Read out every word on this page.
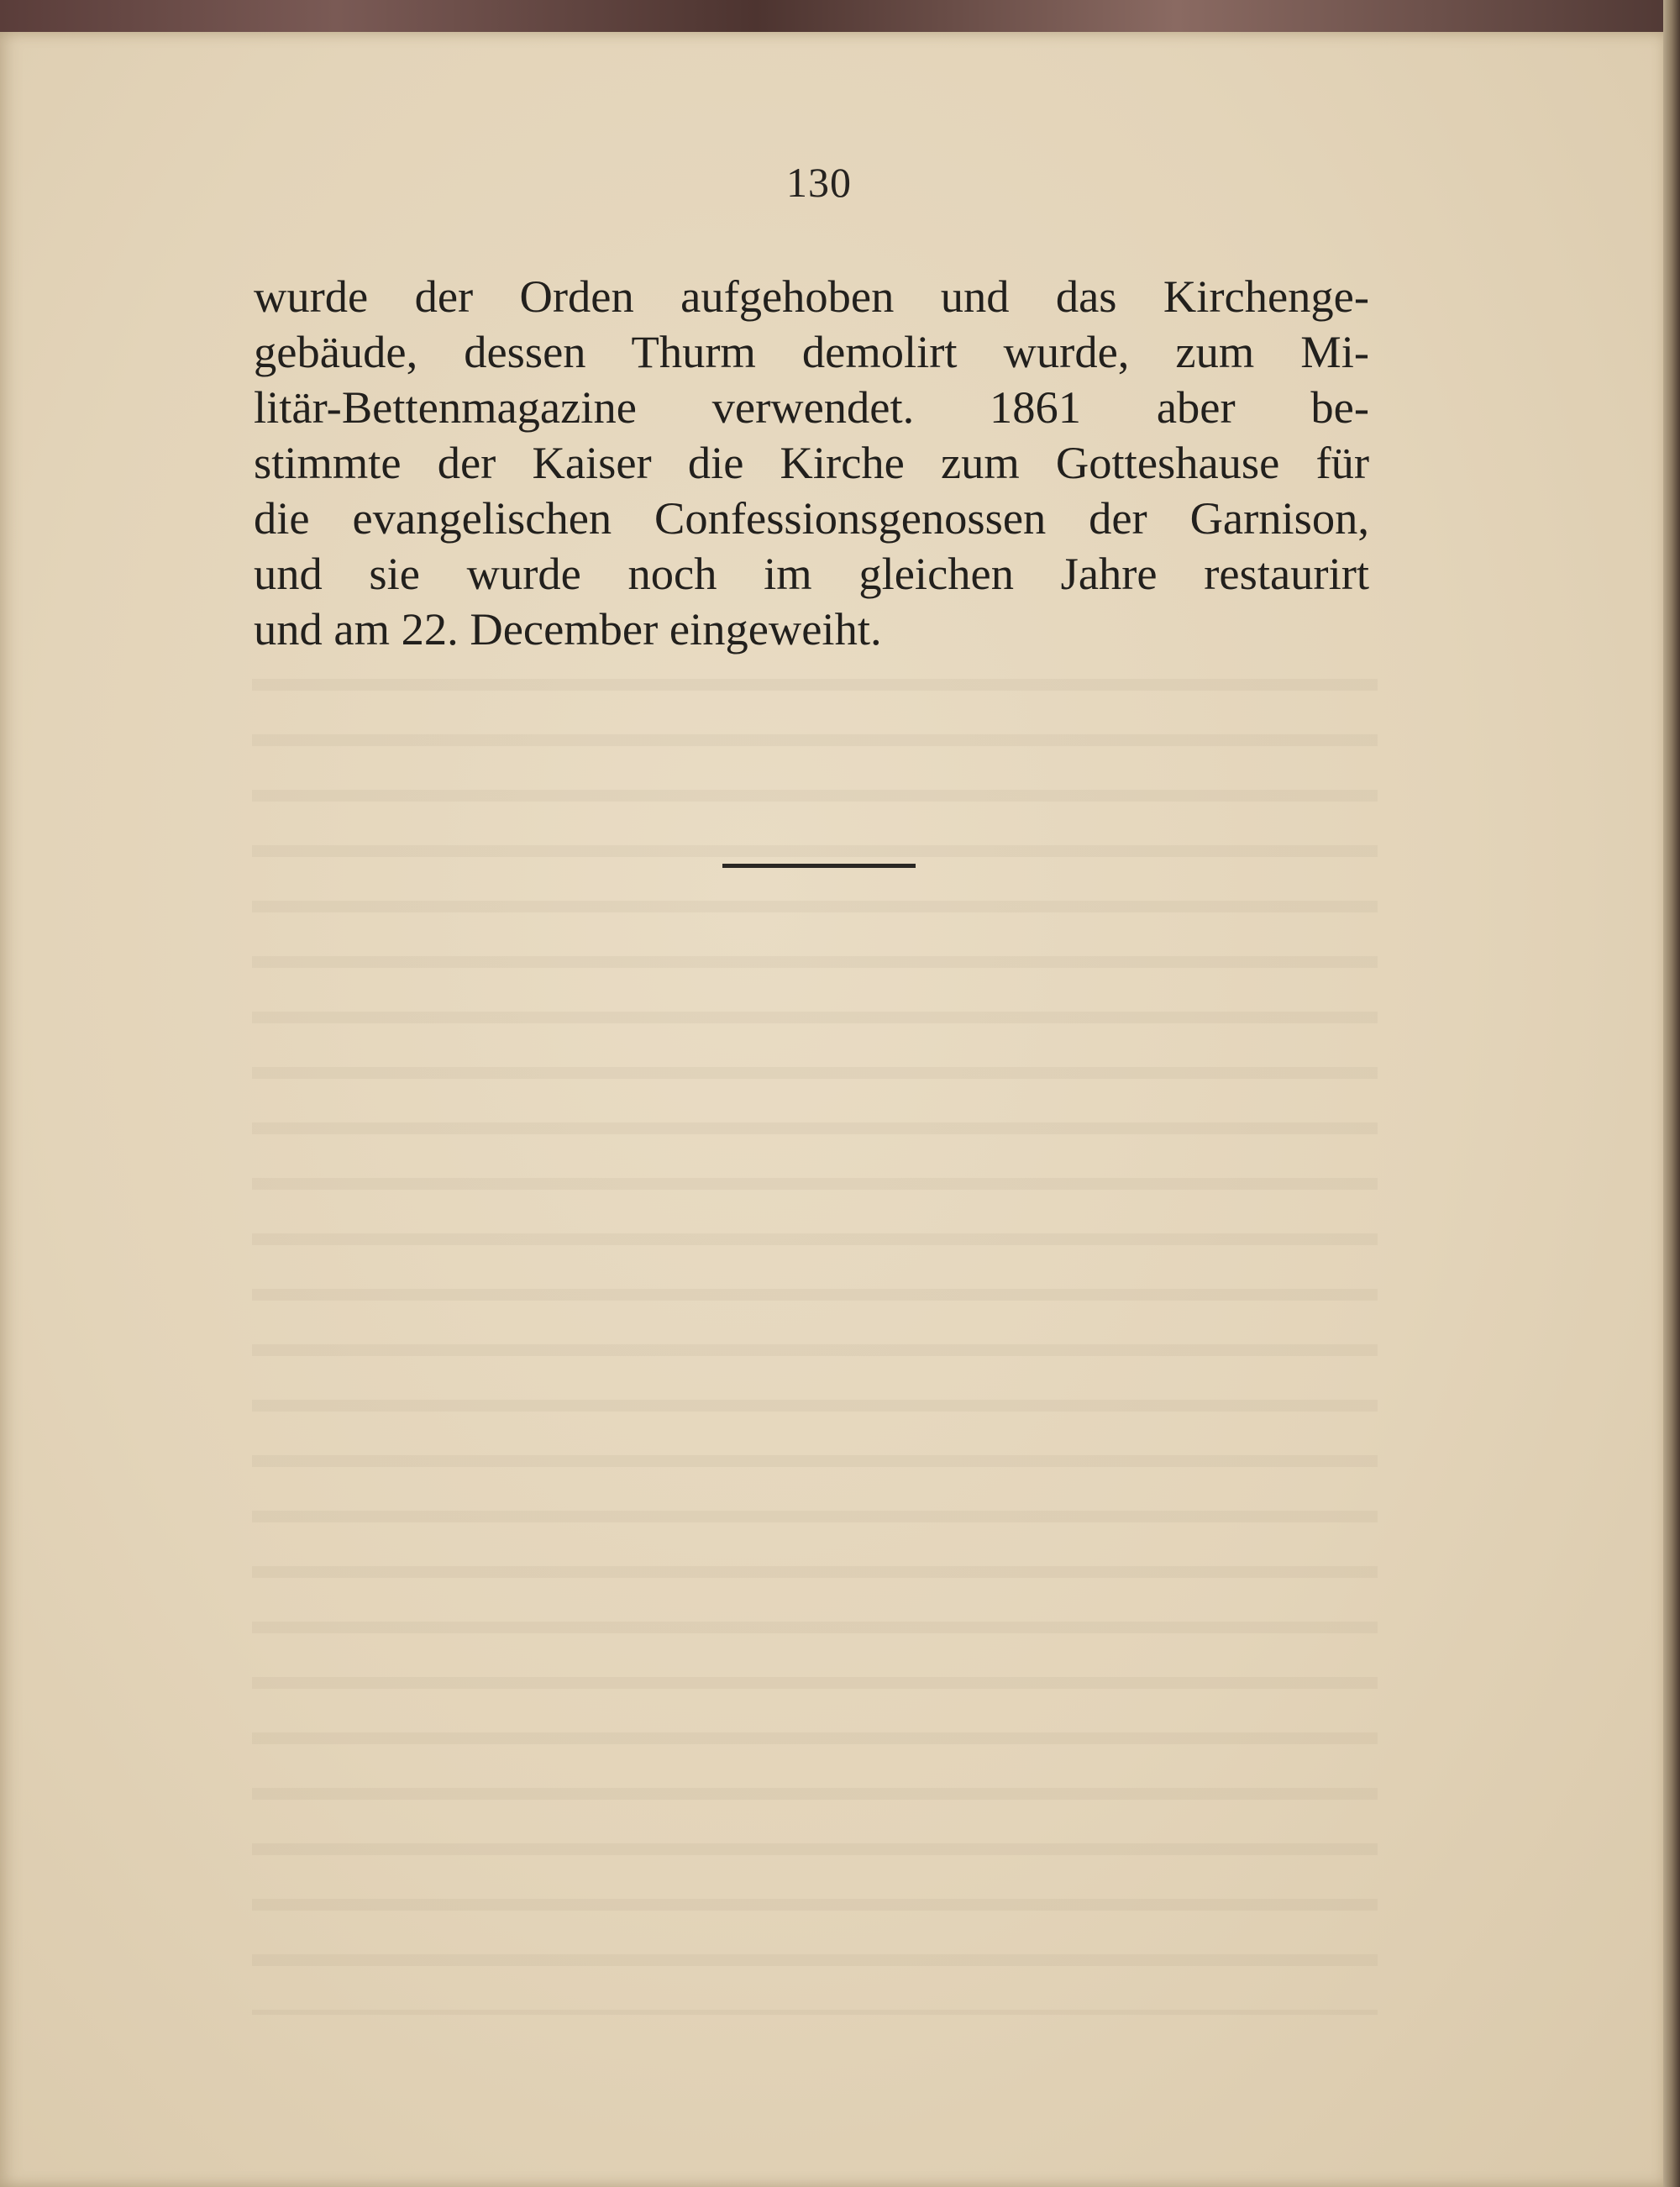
130
wurde der Orden aufgehoben und das Kirchenge-
gebäude, dessen Thurm demolirt wurde, zum Mi-
litär-Bettenmagazine verwendet. 1861 aber be-
stimmte der Kaiser die Kirche zum Gotteshause für
die evangelischen Confessionsgenossen der Garnison,
und sie wurde noch im gleichen Jahre restaurirt
und am 22. December eingeweiht.
